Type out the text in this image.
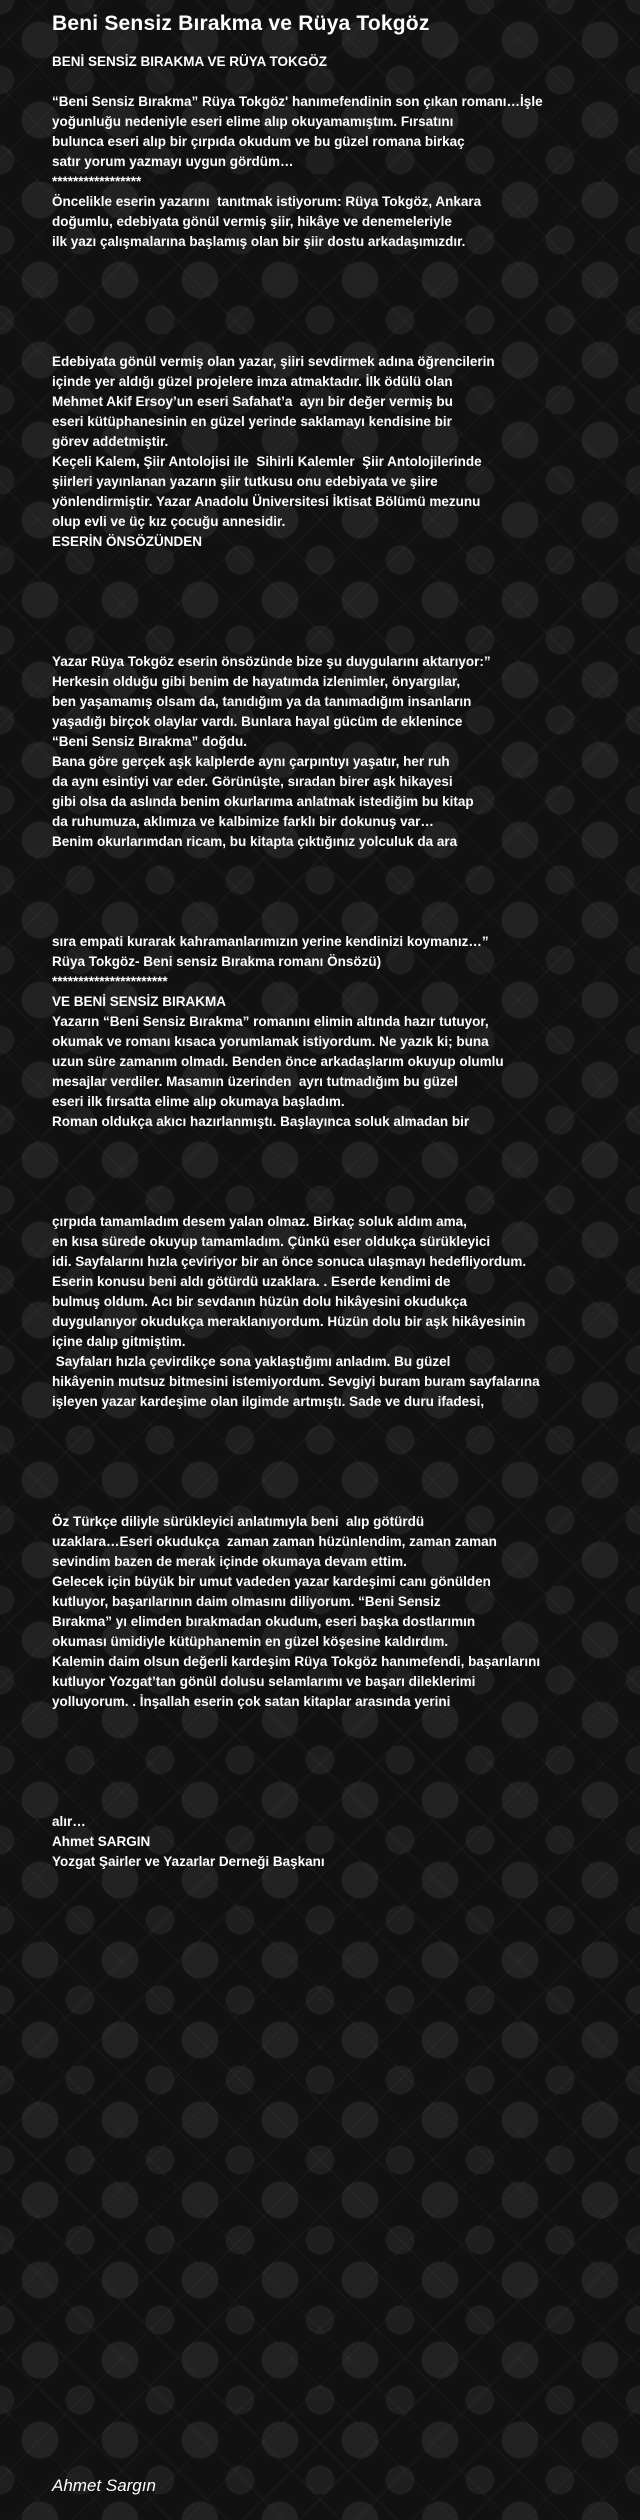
Beni Sensiz Bırakma ve Rüya Tokgöz
BENİ SENSİZ BIRAKMA VE RÜYA TOKGÖZ
“Beni Sensiz Bırakma” Rüya Tokgöz' hanımefendinin son çıkan romanı…İşle
yoğunluğu nedeniyle eseri elime alıp okuyamamıştım. Fırsatını
bulunca eseri alıp bir çırpıda okudum ve bu güzel romana birkaç
satır yorum yazmayı uygun gördüm…
*****************
Öncelikle eserin yazarını  tanıtmak istiyorum: Rüya Tokgöz, Ankara
doğumlu, edebiyata gönül vermiş şiir, hikâye ve denemeleriyle
ilk yazı çalışmalarına başlamış olan bir şiir dostu arkadaşımızdır.
Edebiyata gönül vermiş olan yazar, şiiri sevdirmek adına öğrencilerin
içinde yer aldığı güzel projelere imza atmaktadır. İlk ödülü olan
Mehmet Akif Ersoy’un eseri Safahat’a  ayrı bir değer vermiş bu
eseri kütüphanesinin en güzel yerinde saklamayı kendisine bir
görev addetmiştir.
Keçeli Kalem, Şiir Antolojisi ile  Sihirli Kalemler  Şiir Antolojilerinde
şiirleri yayınlanan yazarın şiir tutkusu onu edebiyata ve şiire
yönlendirmiştir. Yazar Anadolu Üniversitesi İktisat Bölümü mezunu
olup evli ve üç kız çocuğu annesidir.
ESERİN ÖNSÖZÜNDEN
Yazar Rüya Tokgöz eserin önsözünde bize şu duygularını aktarıyor:”
Herkesin olduğu gibi benim de hayatımda izlenimler, önyargılar,
ben yaşamamış olsam da, tanıdığım ya da tanımadığım insanların
yaşadığı birçok olaylar vardı. Bunlara hayal gücüm de eklenince
“Beni Sensiz Bırakma” doğdu.
Bana göre gerçek aşk kalplerde aynı çarpıntıyı yaşatır, her ruh
da aynı esintiyi var eder. Görünüşte, sıradan birer aşk hikayesi
gibi olsa da aslında benim okurlarıma anlatmak istediğim bu kitap
da ruhumuza, aklımıza ve kalbimize farklı bir dokunuş var…
Benim okurlarımdan ricam, bu kitapta çıktığınız yolculuk da ara
sıra empati kurarak kahramanlarımızın yerine kendinizi koymanız…”
Rüya Tokgöz- Beni sensiz Bırakma romanı Önsözü)
**********************
VE BENİ SENSİZ BIRAKMA
Yazarın “Beni Sensiz Bırakma” romanını elimin altında hazır tutuyor,
okumak ve romanı kısaca yorumlamak istiyordum. Ne yazık ki; buna
uzun süre zamanım olmadı. Benden önce arkadaşlarım okuyup olumlu
mesajlar verdiler. Masamın üzerinden  ayrı tutmadığım bu güzel
eseri ilk fırsatta elime alıp okumaya başladım.
Roman oldukça akıcı hazırlanmıştı. Başlayınca soluk almadan bir
çırpıda tamamladım desem yalan olmaz. Birkaç soluk aldım ama,
en kısa sürede okuyup tamamladım. Çünkü eser oldukça sürükleyici
idi. Sayfalarını hızla çeviriyor bir an önce sonuca ulaşmayı hedefliyordum.
Eserin konusu beni aldı götürdü uzaklara. . Eserde kendimi de
bulmuş oldum. Acı bir sevdanın hüzün dolu hikâyesini okudukça
duygulanıyor okudukça meraklanıyordum. Hüzün dolu bir aşk hikâyesinin
içine dalıp gitmiştim.
Sayfaları hızla çevirdikçe sona yaklaştığımı anladım. Bu güzel
hikâyenin mutsuz bitmesini istemiyordum. Sevgiyi buram buram sayfalarına
işleyen yazar kardeşime olan ilgimde artmıştı. Sade ve duru ifadesi,
Öz Türkçe diliyle sürükleyici anlatımıyla beni  alıp götürdü
uzaklara…Eseri okudukça  zaman zaman hüzünlendim, zaman zaman
sevindim bazen de merak içinde okumaya devam ettim.
Gelecek için büyük bir umut vadeden yazar kardeşimi canı gönülden
kutluyor, başarılarının daim olmasını diliyorum. “Beni Sensiz
Bırakma” yı elimden bırakmadan okudum, eseri başka dostlarımın
okuması ümidiyle kütüphanemin en güzel köşesine kaldırdım.
Kalemin daim olsun değerli kardeşim Rüya Tokgöz hanımefendi, başarılarını
kutluyor Yozgat’tan gönül dolusu selamlarımı ve başarı dileklerimi
yolluyorum. . İnşallah eserin çok satan kitaplar arasında yerini
alır…
Ahmet SARGIN
Yozgat Şairler ve Yazarlar Derneği Başkanı
Ahmet Sargın
